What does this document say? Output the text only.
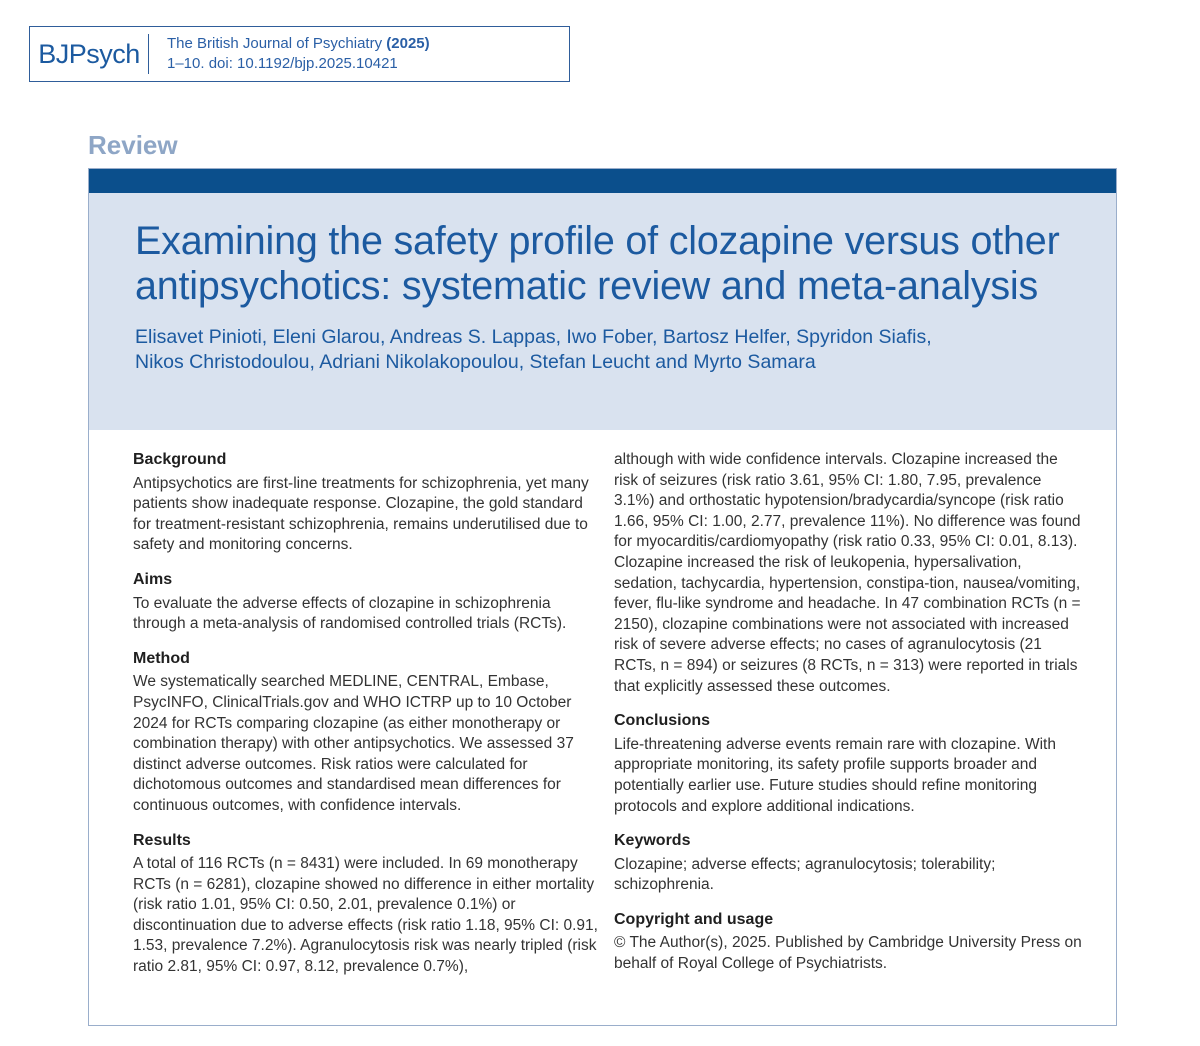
BJPsych	The British Journal of Psychiatry (2025)
1–10. doi: 10.1192/bjp.2025.10421
Review
Examining the safety profile of clozapine versus other antipsychotics: systematic review and meta-analysis
Elisavet Pinioti, Eleni Glarou, Andreas S. Lappas, Iwo Fober, Bartosz Helfer, Spyridon Siafis,
Nikos Christodoulou, Adriani Nikolakopoulou, Stefan Leucht and Myrto Samara
Background
Antipsychotics are first-line treatments for schizophrenia, yet many patients show inadequate response. Clozapine, the gold standard for treatment-resistant schizophrenia, remains underutilised due to safety and monitoring concerns.
Aims
To evaluate the adverse effects of clozapine in schizophrenia through a meta-analysis of randomised controlled trials (RCTs).
Method
We systematically searched MEDLINE, CENTRAL, Embase, PsycINFO, ClinicalTrials.gov and WHO ICTRP up to 10 October 2024 for RCTs comparing clozapine (as either monotherapy or combination therapy) with other antipsychotics. We assessed 37 distinct adverse outcomes. Risk ratios were calculated for dichotomous outcomes and standardised mean differences for continuous outcomes, with confidence intervals.
Results
A total of 116 RCTs (n = 8431) were included. In 69 monotherapy RCTs (n = 6281), clozapine showed no difference in either mortality (risk ratio 1.01, 95% CI: 0.50, 2.01, prevalence 0.1%) or discontinuation due to adverse effects (risk ratio 1.18, 95% CI: 0.91, 1.53, prevalence 7.2%). Agranulocytosis risk was nearly tripled (risk ratio 2.81, 95% CI: 0.97, 8.12, prevalence 0.7%),
although with wide confidence intervals. Clozapine increased the risk of seizures (risk ratio 3.61, 95% CI: 1.80, 7.95, prevalence 3.1%) and orthostatic hypotension/bradycardia/syncope (risk ratio 1.66, 95% CI: 1.00, 2.77, prevalence 11%). No difference was found for myocarditis/cardiomyopathy (risk ratio 0.33, 95% CI: 0.01, 8.13). Clozapine increased the risk of leukopenia, hypersalivation, sedation, tachycardia, hypertension, constipa-tion, nausea/vomiting, fever, flu-like syndrome and headache. In 47 combination RCTs (n = 2150), clozapine combinations were not associated with increased risk of severe adverse effects; no cases of agranulocytosis (21 RCTs, n = 894) or seizures (8 RCTs, n = 313) were reported in trials that explicitly assessed these outcomes.
Conclusions
Life-threatening adverse events remain rare with clozapine. With appropriate monitoring, its safety profile supports broader and potentially earlier use. Future studies should refine monitoring protocols and explore additional indications.
Keywords
Clozapine; adverse effects; agranulocytosis; tolerability; schizophrenia.
Copyright and usage
© The Author(s), 2025. Published by Cambridge University Press on behalf of Royal College of Psychiatrists.
